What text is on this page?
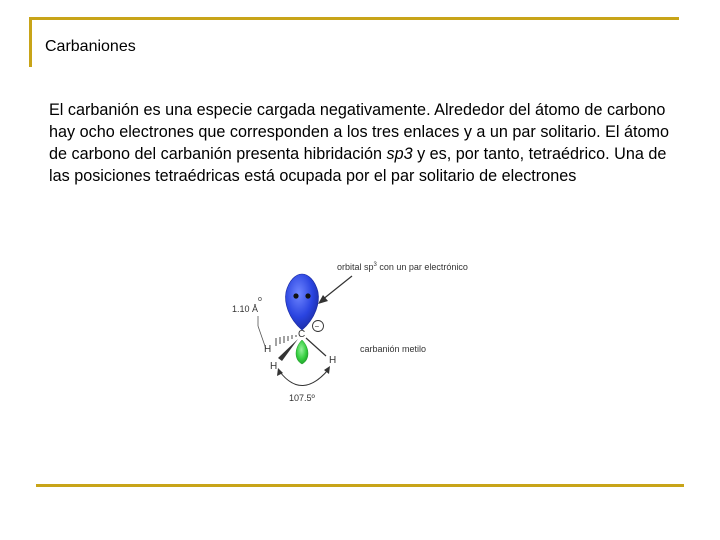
Carbaniones

El carbanión es una especie cargada negativamente. Alrededor del átomo de carbono hay ocho electrones que corresponden a los tres enlaces y a un par solitario. El átomo de carbono del carbanión presenta hibridación sp3 y es, por tanto, tetraédrico. Una de las posiciones tetraédricas está ocupada por el par solitario de electrones

orbital $sp^3$ con un par electrónico
o
1.10 Å
C
−
H
H
H
carbanión metilo
107.5º
